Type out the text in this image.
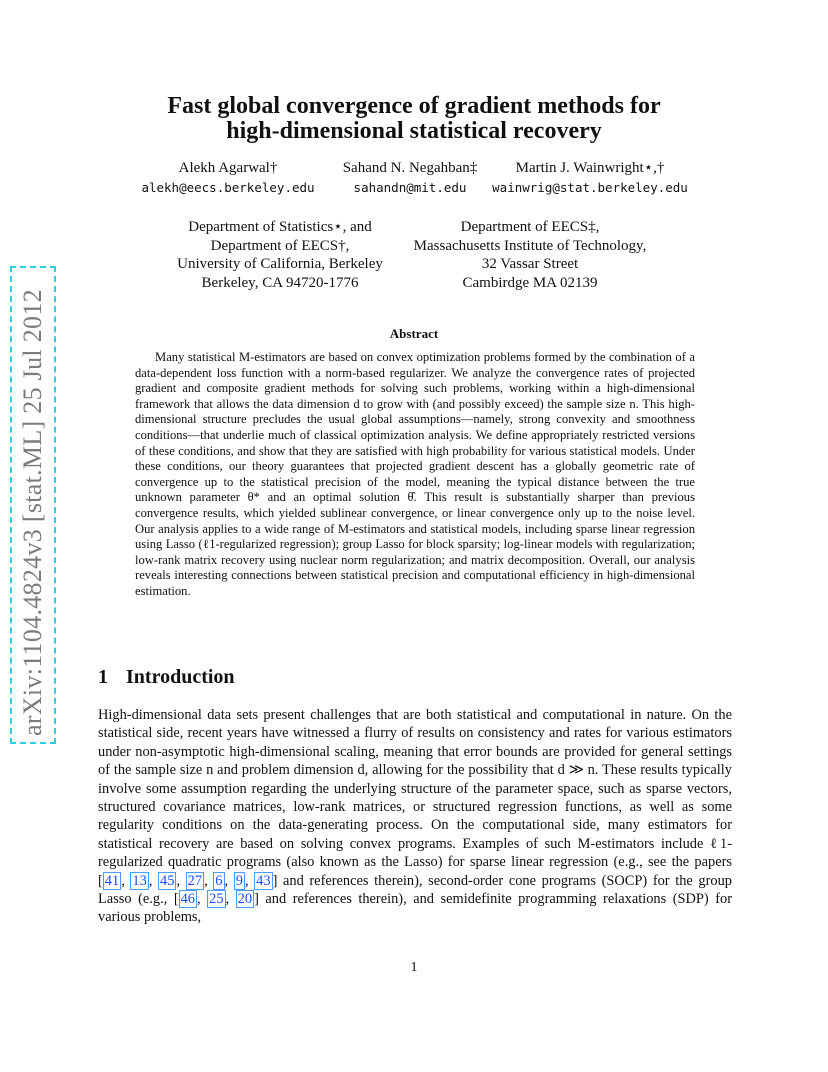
arXiv:1104.4824v3 [stat.ML] 25 Jul 2012
Fast global convergence of gradient methods for
high-dimensional statistical recovery
Alekh Agarwal†
alekh@eecs.berkeley.edu
Sahand N. Negahban‡
sahandn@mit.edu
Martin J. Wainwright⋆,†
wainwrig@stat.berkeley.edu
Department of Statistics⋆, and
Department of EECS†,
University of California, Berkeley
Berkeley, CA 94720-1776
Department of EECS‡,
Massachusetts Institute of Technology,
32 Vassar Street
Cambirdge MA 02139
Abstract
Many statistical M-estimators are based on convex optimization problems formed by the combination of a data-dependent loss function with a norm-based regularizer. We analyze the convergence rates of projected gradient and composite gradient methods for solving such problems, working within a high-dimensional framework that allows the data dimension d to grow with (and possibly exceed) the sample size n. This high-dimensional structure precludes the usual global assumptions—namely, strong convexity and smoothness conditions—that underlie much of classical optimization analysis. We define appropriately restricted versions of these conditions, and show that they are satisfied with high probability for various statistical models. Under these conditions, our theory guarantees that projected gradient descent has a globally geometric rate of convergence up to the statistical precision of the model, meaning the typical distance between the true unknown parameter θ* and an optimal solution θ̂. This result is substantially sharper than previous convergence results, which yielded sublinear convergence, or linear convergence only up to the noise level. Our analysis applies to a wide range of M-estimators and statistical models, including sparse linear regression using Lasso (ℓ1-regularized regression); group Lasso for block sparsity; log-linear models with regularization; low-rank matrix recovery using nuclear norm regularization; and matrix decomposition. Overall, our analysis reveals interesting connections between statistical precision and computational efficiency in high-dimensional estimation.
1 Introduction
High-dimensional data sets present challenges that are both statistical and computational in nature. On the statistical side, recent years have witnessed a flurry of results on consistency and rates for various estimators under non-asymptotic high-dimensional scaling, meaning that error bounds are provided for general settings of the sample size n and problem dimension d, allowing for the possibility that d ≫ n. These results typically involve some assumption regarding the underlying structure of the parameter space, such as sparse vectors, structured covariance matrices, low-rank matrices, or structured regression functions, as well as some regularity conditions on the data-generating process. On the computational side, many estimators for statistical recovery are based on solving convex programs. Examples of such M-estimators include ℓ1-regularized quadratic programs (also known as the Lasso) for sparse linear regression (e.g., see the papers [ 41 , 13 , 45 , 27 , 6 , 9 , 43 ] and references therein), second-order cone programs (SOCP) for the group Lasso (e.g., [ 46 , 25 , 20 ] and references therein), and semidefinite programming relaxations (SDP) for various problems,
1
